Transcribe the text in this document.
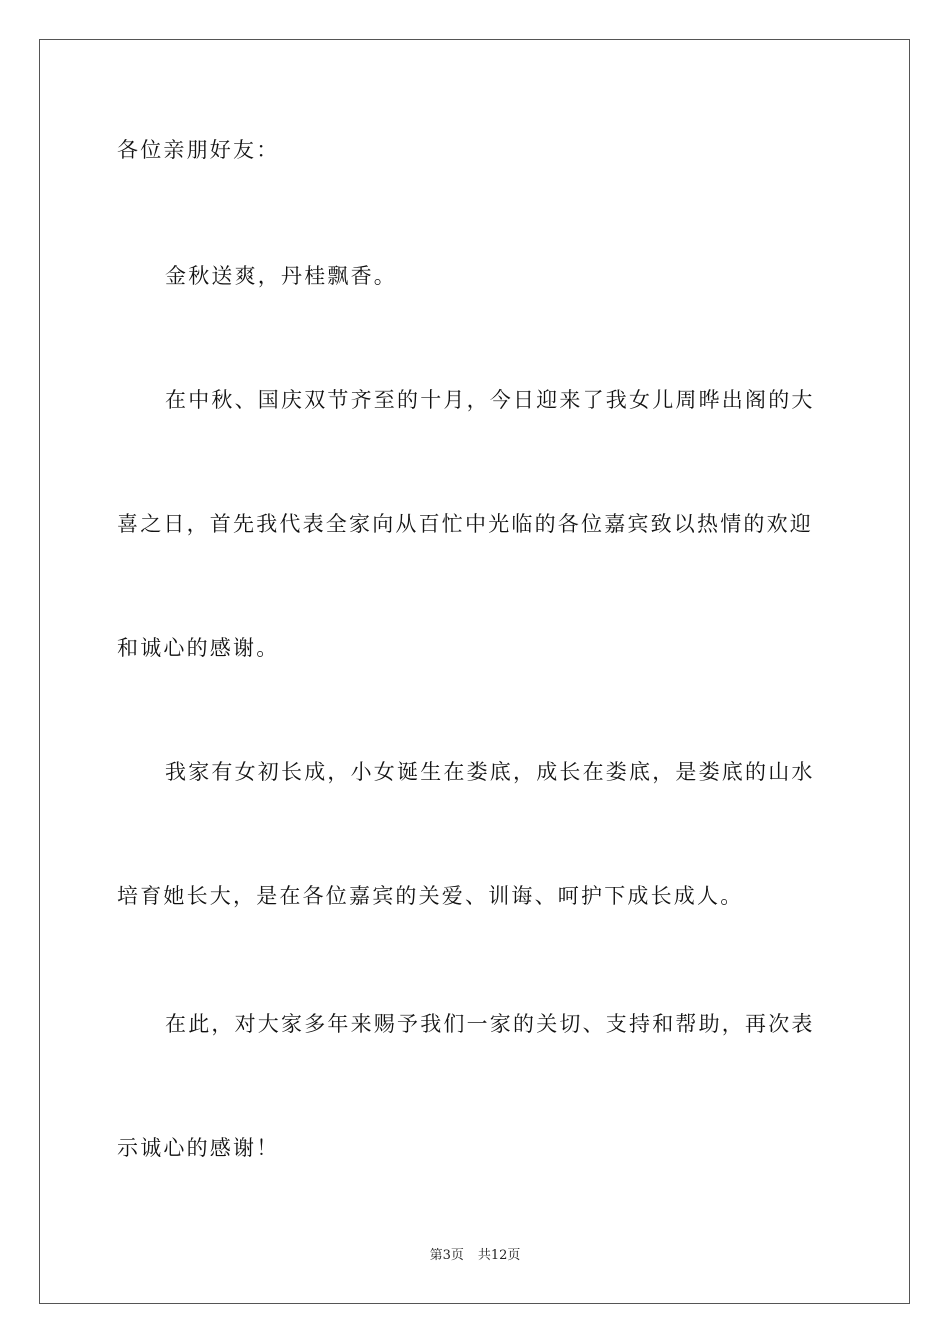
各位亲朋好友：
金秋送爽，丹桂飘香。
在中秋、国庆双节齐至的十月，今日迎来了我女儿周晔出阁的大
喜之日，首先我代表全家向从百忙中光临的各位嘉宾致以热情的欢迎
和诚心的感谢。
我家有女初长成，小女诞生在娄底，成长在娄底，是娄底的山水
培育她长大，是在各位嘉宾的关爱、训诲、呵护下成长成人。
在此，对大家多年来赐予我们一家的关切、支持和帮助，再次表
示诚心的感谢！
第3页 共12页
